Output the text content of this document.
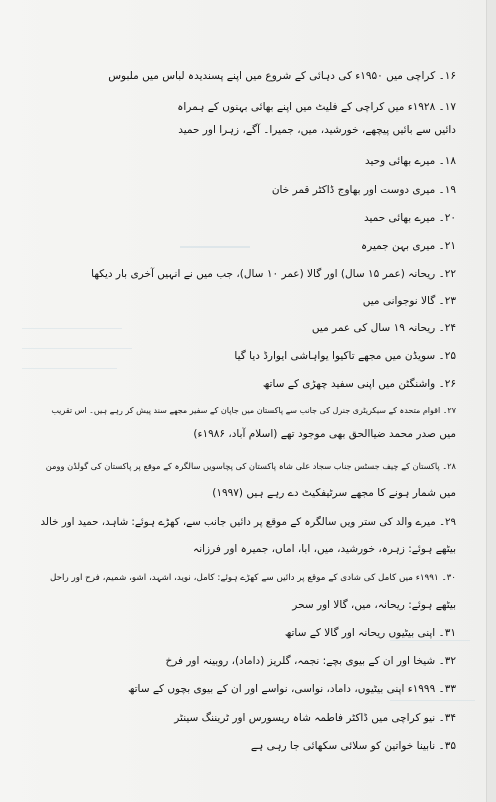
۱۶۔ کراچی میں ۱۹۵۰ء کی دہائی کے شروع میں اپنے پسندیدہ لباس میں ملبوس
۱۷۔ ۱۹۲۸ء میں کراچی کے فلیٹ میں اپنے بھائی بہنوں کے ہمراہ
دائیں سے بائیں پیچھے، خورشید، میں، جمیرا۔ آگے، زہرا اور حمید
۱۸۔ میرے بھائی وحید
۱۹۔ میری دوست اور بھاوج ڈاکٹر قمر خان
۲۰۔ میرے بھائی حمید
۲۱۔ میری بہن جمیرہ
۲۲۔ ریحانہ (عمر ۱۵ سال) اور گالا (عمر ۱۰ سال)، جب میں نے انہیں آخری بار دیکھا
۲۳۔ گالا نوجوانی میں
۲۴۔ ریحانہ ۱۹ سال کی عمر میں
۲۵۔ سویڈن میں مجھے تاکیوا یواہاشی ایوارڈ دیا گیا
۲۶۔ واشنگٹن میں اپنی سفید چھڑی کے ساتھ
۲۷۔ اقوام متحدہ کے سیکریٹری جنرل کی جانب سے پاکستان میں جاپان کے سفیر مجھے سند پیش کر رہے ہیں۔ اس تقریب
میں صدر محمد ضیاالحق بھی موجود تھے (اسلام آباد، ۱۹۸۶ء)
۲۸۔ پاکستان کے چیف جسٹس جناب سجاد علی شاہ پاکستان کی پچاسویں سالگرہ کے موقع پر پاکستان کی گولڈن وومن
میں شمار ہونے کا مجھے سرٹیفکیٹ دے رہے ہیں (۱۹۹۷)
۲۹۔ میرے والد کی ستر ویں سالگرہ کے موقع پر دائیں جانب سے، کھڑے ہوئے: شاہد، حمید اور خالد
بیٹھے ہوئے: زہرہ، خورشید، میں، ابا، اماں، جمیرہ اور فرزانہ
۳۰۔ ۱۹۹۱ء میں کامل کی شادی کے موقع پر دائیں سے کھڑے ہوئے: کامل، نوید، اشہد، اشو، شمیم، فرح اور راحل
بیٹھے ہوئے: ریحانہ، میں، گالا اور سحر
۳۱۔ اپنی بیٹیوں ریحانہ اور گالا کے ساتھ
۳۲۔ شیخا اور ان کے بیوی بچے: نجمہ، گلریز (داماد)، روبینہ اور فرخ
۳۳۔ ۱۹۹۹ء اپنی بیٹیوں، داماد، نواسی، نواسے اور ان کے بیوی بچوں کے ساتھ
۳۴۔ نیو کراچی میں ڈاکٹر فاطمہ شاہ ریسورس اور ٹریننگ سینٹر
۳۵۔ نابینا خواتین کو سلائی سکھائی جا رہی ہے
